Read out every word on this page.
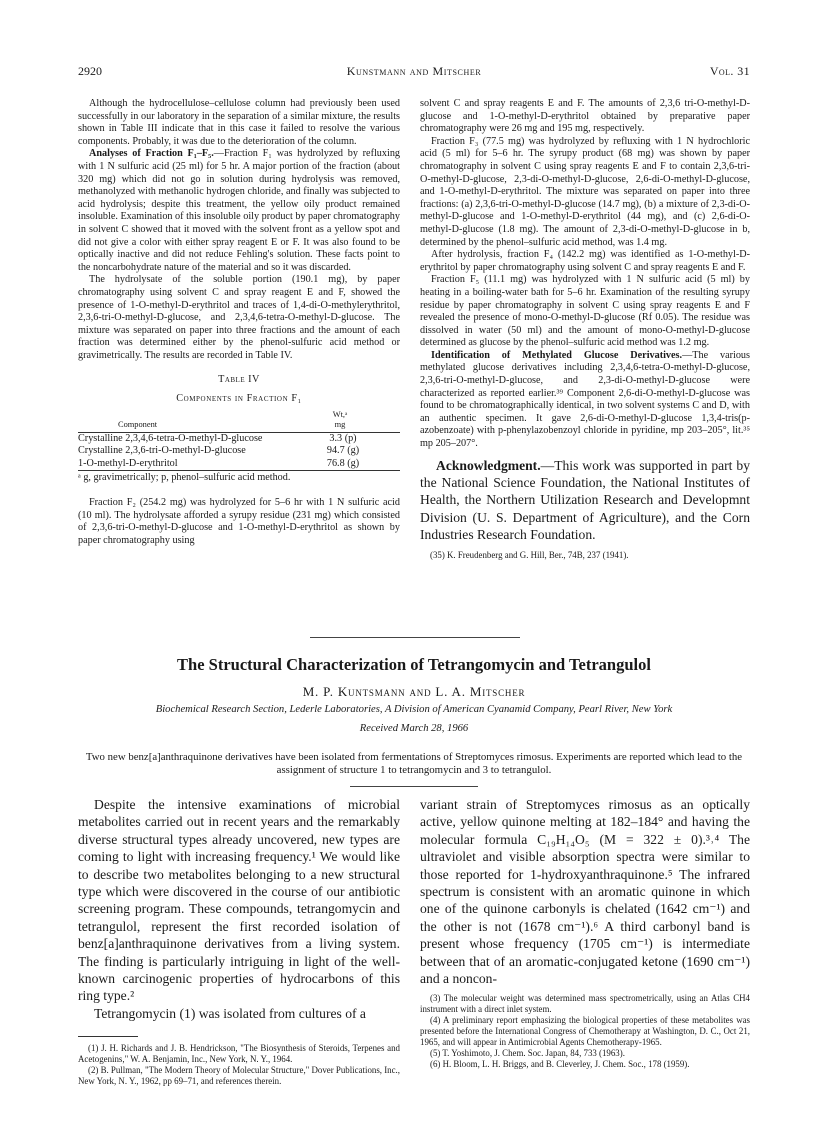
2920	Kunstmann and Mitscher	Vol. 31

Although the hydrocellulose–cellulose column had previously been used successfully in our laboratory in the separation of a similar mixture, the results shown in Table III indicate that in this case it failed to resolve the various components. Probably, it was due to the deterioration of the column.

Analyses of Fraction F₁–F₅.—Fraction F₁ was hydrolyzed by refluxing with 1 N sulfuric acid (25 ml) for 5 hr. A major portion of the fraction (about 320 mg) which did not go in solution during hydrolysis was removed, methanolyzed with methanolic hydrogen chloride, and finally was subjected to acid hydrolysis; despite this treatment, the yellow oily product remained insoluble. Examination of this insoluble oily product by paper chromatography in solvent C showed that it moved with the solvent front as a yellow spot and did not give a color with either spray reagent E or F. It was also found to be optically inactive and did not reduce Fehling's solution. These facts point to the noncarbohydrate nature of the material and so it was discarded.

The hydrolysate of the soluble portion (190.1 mg), by paper chromatography using solvent C and spray reagent E and F, showed the presence of 1-O-methyl-D-erythritol and traces of 1,4-di-O-methylerythritol, 2,3,6-tri-O-methyl-D-glucose, and 2,3,4,6-tetra-O-methyl-D-glucose. The mixture was separated on paper into three fractions and the amount of each fraction was determined either by the phenol-sulfuric acid method or gravimetrically. The results are recorded in Table IV.

Table IV
Components in Fraction F₁
Component
Wt,ᵃ
mg
Crystalline 2,3,4,6-tetra-O-methyl-D-glucose	3.3 (p)
Crystalline 2,3,6-tri-O-methyl-D-glucose	94.7 (g)
1-O-methyl-D-erythritol	76.8 (g)
ᵃ g, gravimetrically; p, phenol–sulfuric acid method.

Fraction F₂ (254.2 mg) was hydrolyzed for 5–6 hr with 1 N sulfuric acid (10 ml). The hydrolysate afforded a syrupy residue (231 mg) which consisted of 2,3,6-tri-O-methyl-D-glucose and 1-O-methyl-D-erythritol as shown by paper chromatography using

solvent C and spray reagents E and F. The amounts of 2,3,6 tri-O-methyl-D-glucose and 1-O-methyl-D-erythritol obtained by preparative paper chromatography were 26 mg and 195 mg, respectively.

Fraction F₃ (77.5 mg) was hydrolyzed by refluxing with 1 N hydrochloric acid (5 ml) for 5–6 hr. The syrupy product (68 mg) was shown by paper chromatography in solvent C using spray reagents E and F to contain 2,3,6-tri-O-methyl-D-glucose, 2,3-di-O-methyl-D-glucose, 2,6-di-O-methyl-D-glucose, and 1-O-methyl-D-erythritol. The mixture was separated on paper into three fractions: (a) 2,3,6-tri-O-methyl-D-glucose (14.7 mg), (b) a mixture of 2,3-di-O-methyl-D-glucose and 1-O-methyl-D-erythritol (44 mg), and (c) 2,6-di-O-methyl-D-glucose (1.8 mg). The amount of 2,3-di-O-methyl-D-glucose in b, determined by the phenol–sulfuric acid method, was 1.4 mg.

After hydrolysis, fraction F₄ (142.2 mg) was identified as 1-O-methyl-D-erythritol by paper chromatography using solvent C and spray reagents E and F.

Fraction F₅ (11.1 mg) was hydrolyzed with 1 N sulfuric acid (5 ml) by heating in a boiling-water bath for 5–6 hr. Examination of the resulting syrupy residue by paper chromatography in solvent C using spray reagents E and F revealed the presence of mono-O-methyl-D-glucose (Rf 0.05). The residue was dissolved in water (50 ml) and the amount of mono-O-methyl-D-glucose determined as glucose by the phenol–sulfuric acid method was 1.2 mg.

Identification of Methylated Glucose Derivatives.—The various methylated glucose derivatives including 2,3,4,6-tetra-O-methyl-D-glucose, 2,3,6-tri-O-methyl-D-glucose, and 2,3-di-O-methyl-D-glucose were characterized as reported earlier.³⁹ Component 2,6-di-O-methyl-D-glucose was found to be chromatographically identical, in two solvent systems C and D, with an authentic specimen. It gave 2,6-di-O-methyl-D-glucose 1,3,4-tris(p-azobenzoate) with p-phenylazobenzoyl chloride in pyridine, mp 203–205°, lit.³⁵ mp 205–207°.

Acknowledgment.—This work was supported in part by the National Science Foundation, the National Institutes of Health, the Northern Utilization Research and Developmnt Division (U. S. Department of Agriculture), and the Corn Industries Research Foundation.
(35) K. Freudenberg and G. Hill, Ber., 74B, 237 (1941).
The Structural Characterization of Tetrangomycin and Tetrangulol
M. P. Kuntsmann and L. A. Mitscher
Biochemical Research Section, Lederle Laboratories, A Division of American Cyanamid Company, Pearl River, New York
Received March 28, 1966
Two new benz[a]anthraquinone derivatives have been isolated from fermentations of Streptomyces rimosus. Experiments are reported which lead to the assignment of structure 1 to tetrangomycin and 3 to tetrangulol.

Despite the intensive examinations of microbial metabolites carried out in recent years and the remarkably diverse structural types already uncovered, new types are coming to light with increasing frequency.¹ We would like to describe two metabolites belonging to a new structural type which were discovered in the course of our antibiotic screening program. These compounds, tetrangomycin and tetrangulol, represent the first recorded isolation of benz[a]anthraquinone derivatives from a living system. The finding is particularly intriguing in light of the well-known carcinogenic properties of hydrocarbons of this ring type.²

Tetrangomycin (1) was isolated from cultures of a

(1) J. H. Richards and J. B. Hendrickson, "The Biosynthesis of Steroids, Terpenes and Acetogenins," W. A. Benjamin, Inc., New York, N. Y., 1964.

(2) B. Pullman, "The Modern Theory of Molecular Structure," Dover Publications, Inc., New York, N. Y., 1962, pp 69–71, and references therein.

variant strain of Streptomyces rimosus as an optically active, yellow quinone melting at 182–184° and having the molecular formula C₁₉H₁₄O₅ (M = 322 ± 0).³˒⁴ The ultraviolet and visible absorption spectra were similar to those reported for 1-hydroxyanthraquinone.⁵ The infrared spectrum is consistent with an aromatic quinone in which one of the quinone carbonyls is chelated (1642 cm⁻¹) and the other is not (1678 cm⁻¹).⁶ A third carbonyl band is present whose frequency (1705 cm⁻¹) is intermediate between that of an aromatic-conjugated ketone (1690 cm⁻¹) and a noncon-

(3) The molecular weight was determined mass spectrometrically, using an Atlas CH4 instrument with a direct inlet system.

(4) A preliminary report emphasizing the biological properties of these metabolites was presented before the International Congress of Chemotherapy at Washington, D. C., Oct 21, 1965, and will appear in Antimicrobial Agents Chemotherapy-1965.

(5) T. Yoshimoto, J. Chem. Soc. Japan, 84, 733 (1963).

(6) H. Bloom, L. H. Briggs, and B. Cleverley, J. Chem. Soc., 178 (1959).
